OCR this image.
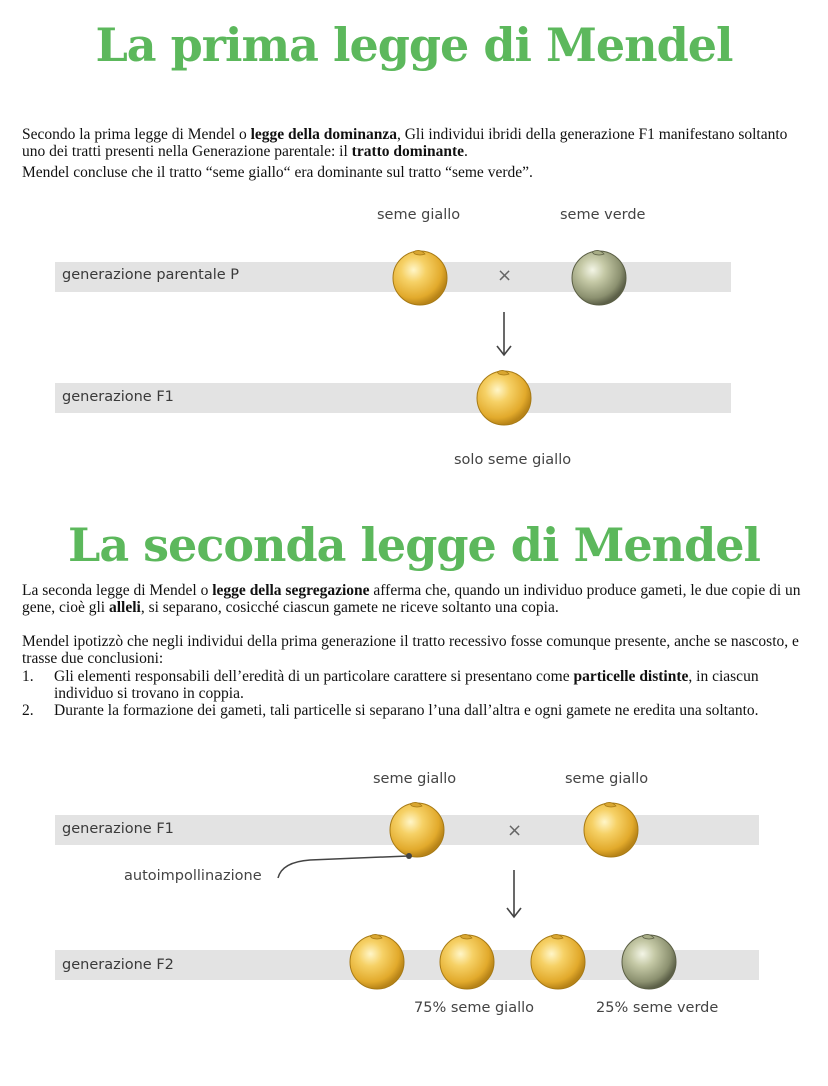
La prima legge di Mendel

Secondo la prima legge di Mendel o legge della dominanza, Gli individui ibridi della generazione F1 manifestano soltanto uno dei tratti presenti nella Generazione parentale: il tratto dominante.

Mendel concluse che il tratto “seme giallo“ era dominante sul tratto “seme verde”.

seme giallo	seme verde
generazione parentale P	×
generazione F1
solo seme giallo
La seconda legge di Mendel

La seconda legge di Mendel o legge della segregazione afferma che, quando un individuo produce gameti, le due copie di un gene, cioè gli alleli, si separano, cosicché ciascun gamete ne riceve soltanto una copia.

Mendel ipotizzò che negli individui della prima generazione il tratto recessivo fosse comunque presente, anche se nascosto, e trasse due conclusioni:

1. Gli elementi responsabili dell’eredità di un particolare carattere si presentano come particelle distinte, in ciascun individuo si trovano in coppia.
2. Durante la formazione dei gameti, tali particelle si separano l’una dall’altra e ogni gamete ne eredita una soltanto.
seme giallo	seme giallo
generazione F1	×
autoimpollinazione
generazione F2
75% seme giallo	25% seme verde
